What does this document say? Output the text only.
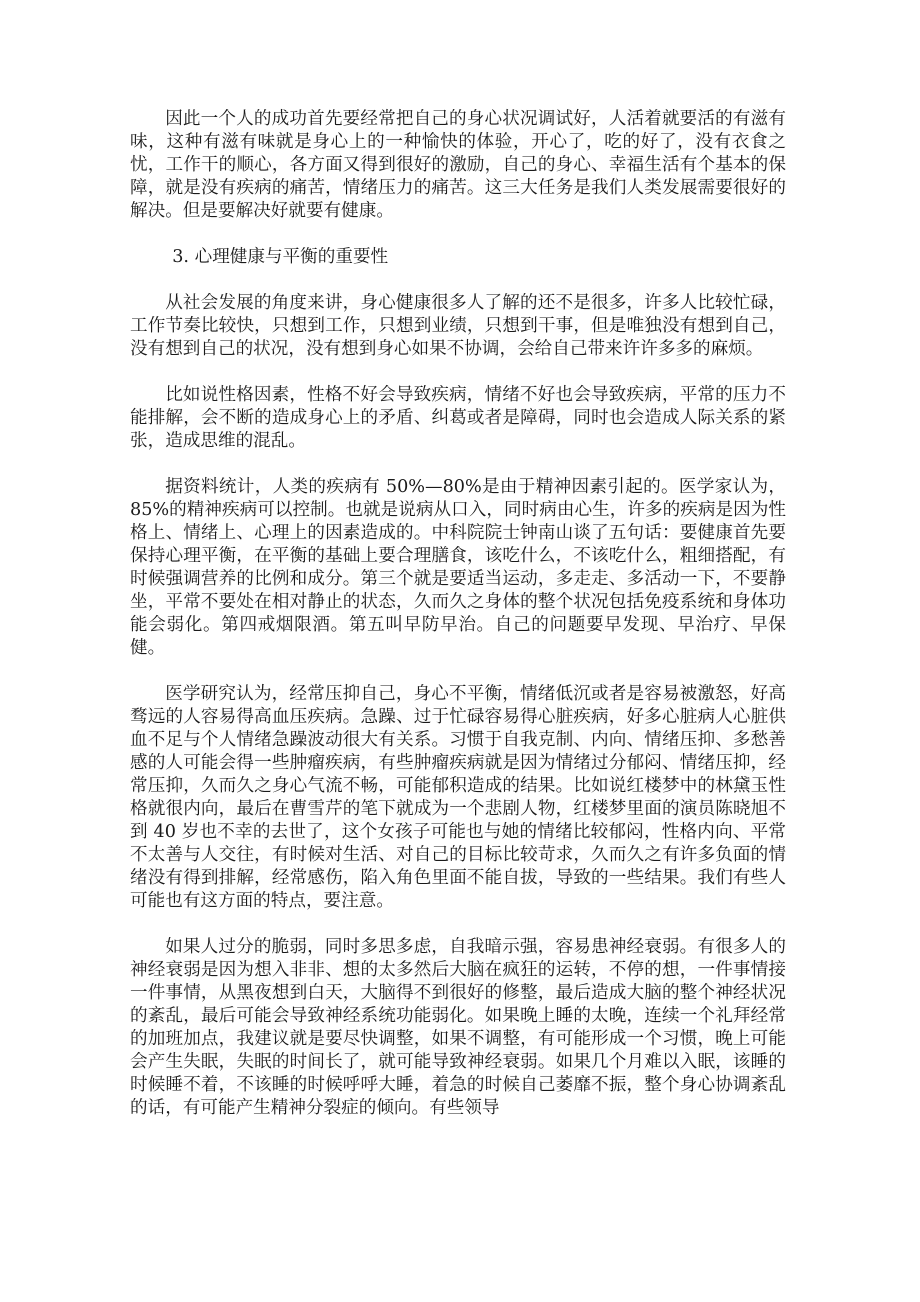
因此一个人的成功首先要经常把自己的身心状况调试好，人活着就要活的有滋有味，这种有滋有味就是身心上的一种愉快的体验，开心了，吃的好了，没有衣食之忧，工作干的顺心，各方面又得到很好的激励，自己的身心、幸福生活有个基本的保障，就是没有疾病的痛苦，情绪压力的痛苦。这三大任务是我们人类发展需要很好的解决。但是要解决好就要有健康。

3. 心理健康与平衡的重要性

从社会发展的角度来讲，身心健康很多人了解的还不是很多，许多人比较忙碌，工作节奏比较快，只想到工作，只想到业绩，只想到干事，但是唯独没有想到自己，没有想到自己的状况，没有想到身心如果不协调，会给自己带来许许多多的麻烦。

比如说性格因素，性格不好会导致疾病，情绪不好也会导致疾病，平常的压力不能排解，会不断的造成身心上的矛盾、纠葛或者是障碍，同时也会造成人际关系的紧张，造成思维的混乱。

据资料统计，人类的疾病有 50%—80%是由于精神因素引起的。医学家认为，85%的精神疾病可以控制。也就是说病从口入，同时病由心生，许多的疾病是因为性格上、情绪上、心理上的因素造成的。中科院院士钟南山谈了五句话：要健康首先要保持心理平衡，在平衡的基础上要合理膳食，该吃什么，不该吃什么，粗细搭配，有时候强调营养的比例和成分。第三个就是要适当运动，多走走、多活动一下，不要静坐，平常不要处在相对静止的状态，久而久之身体的整个状况包括免疫系统和身体功能会弱化。第四戒烟限酒。第五叫早防早治。自己的问题要早发现、早治疗、早保健。

医学研究认为，经常压抑自己，身心不平衡，情绪低沉或者是容易被激怒，好高骛远的人容易得高血压疾病。急躁、过于忙碌容易得心脏疾病，好多心脏病人心脏供血不足与个人情绪急躁波动很大有关系。习惯于自我克制、内向、情绪压抑、多愁善感的人可能会得一些肿瘤疾病，有些肿瘤疾病就是因为情绪过分郁闷、情绪压抑，经常压抑，久而久之身心气流不畅，可能郁积造成的结果。比如说红楼梦中的林黛玉性格就很内向，最后在曹雪芹的笔下就成为一个悲剧人物，红楼梦里面的演员陈晓旭不到 40 岁也不幸的去世了，这个女孩子可能也与她的情绪比较郁闷，性格内向、平常不太善与人交往，有时候对生活、对自己的目标比较苛求，久而久之有许多负面的情绪没有得到排解，经常感伤，陷入角色里面不能自拔，导致的一些结果。我们有些人可能也有这方面的特点，要注意。

如果人过分的脆弱，同时多思多虑，自我暗示强，容易患神经衰弱。有很多人的神经衰弱是因为想入非非、想的太多然后大脑在疯狂的运转，不停的想，一件事情接一件事情，从黑夜想到白天，大脑得不到很好的修整，最后造成大脑的整个神经状况的紊乱，最后可能会导致神经系统功能弱化。如果晚上睡的太晚，连续一个礼拜经常的加班加点，我建议就是要尽快调整，如果不调整，有可能形成一个习惯，晚上可能会产生失眠，失眠的时间长了，就可能导致神经衰弱。如果几个月难以入眠，该睡的时候睡不着，不该睡的时候呼呼大睡，着急的时候自己萎靡不振，整个身心协调紊乱的话，有可能产生精神分裂症的倾向。有些领导
